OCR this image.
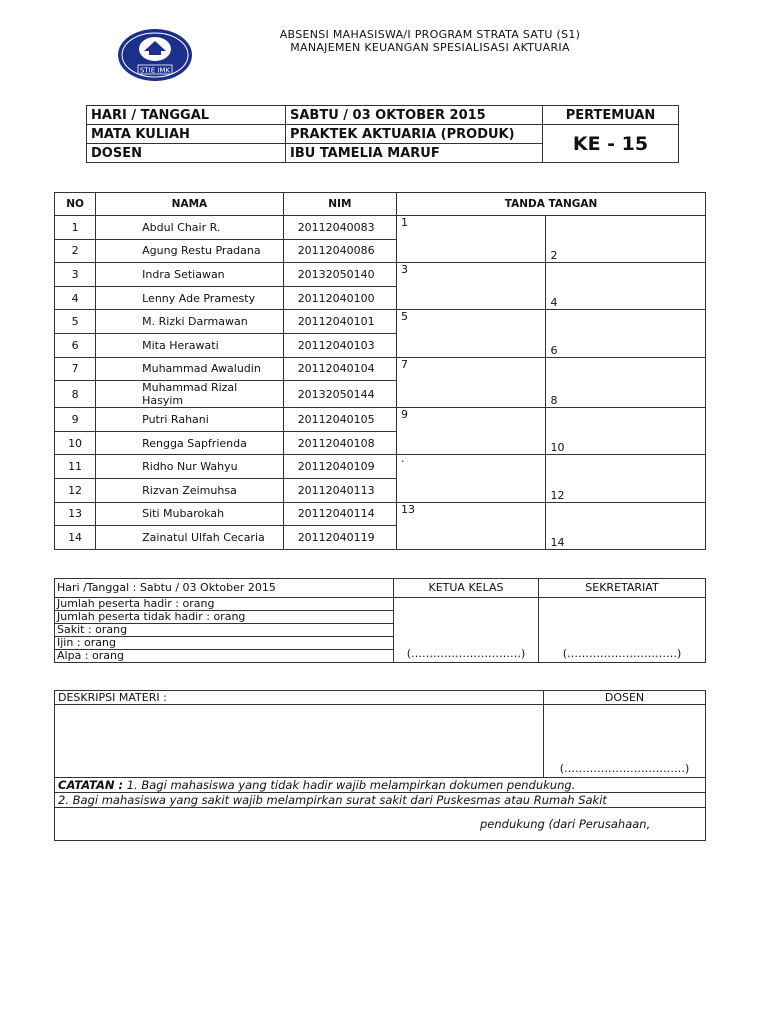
STIE IMK
ABSENSI MAHASISWA/I PROGRAM STRATA SATU (S1)
MANAJEMEN KEUANGAN SPESIALISASI AKTUARIA
HARI / TANGGAL	SABTU / 03 OKTOBER 2015	PERTEMUAN
MATA KULIAH	PRAKTEK AKTUARIA (PRODUK)	KE - 15
DOSEN	IBU TAMELIA MARUF	
NO	NAMA	NIM	TANDA TANGAN	
1	Abdul Chair R.	20112040083	1	2
2	Agung Restu Pradana	20112040086		
3	Indra Setiawan	20132050140	3	4
4	Lenny Ade Pramesty	20112040100		
5	M. Rizki Darmawan	20112040101	5	6
6	Mita Herawati	20112040103		
7	Muhammad Awaludin	20112040104	7	8
8	Muhammad Rizal Hasyim	20132050144		
9	Putri Rahani	20112040105	9	10
10	Rengga Sapfrienda	20112040108		
11	Ridho Nur Wahyu	20112040109	·	12
12	Rizvan Zeimuhsa	20112040113		
13	Siti Mubarokah	20112040114	13	14
14	Zainatul Ulfah Cecaria	20112040119		
Hari /Tanggal : Sabtu / 03 Oktober 2015	KETUA KELAS	SEKRETARIAT
Jumlah peserta hadir : orang	(…………………………)	(…………………………)
Jumlah peserta tidak hadir : orang		
Sakit : orang		
Ijin : orang		
Alpa : orang		
DESKRIPSI MATERI :	DOSEN
	(……………………………)
CATATAN : 1. Bagi mahasiswa yang tidak hadir wajib melampirkan dokumen pendukung.	
2. Bagi mahasiswa yang sakit wajib melampirkan surat sakit dari Puskesmas atau Rumah Sakit	
pendukung (dari Perusahaan,	
